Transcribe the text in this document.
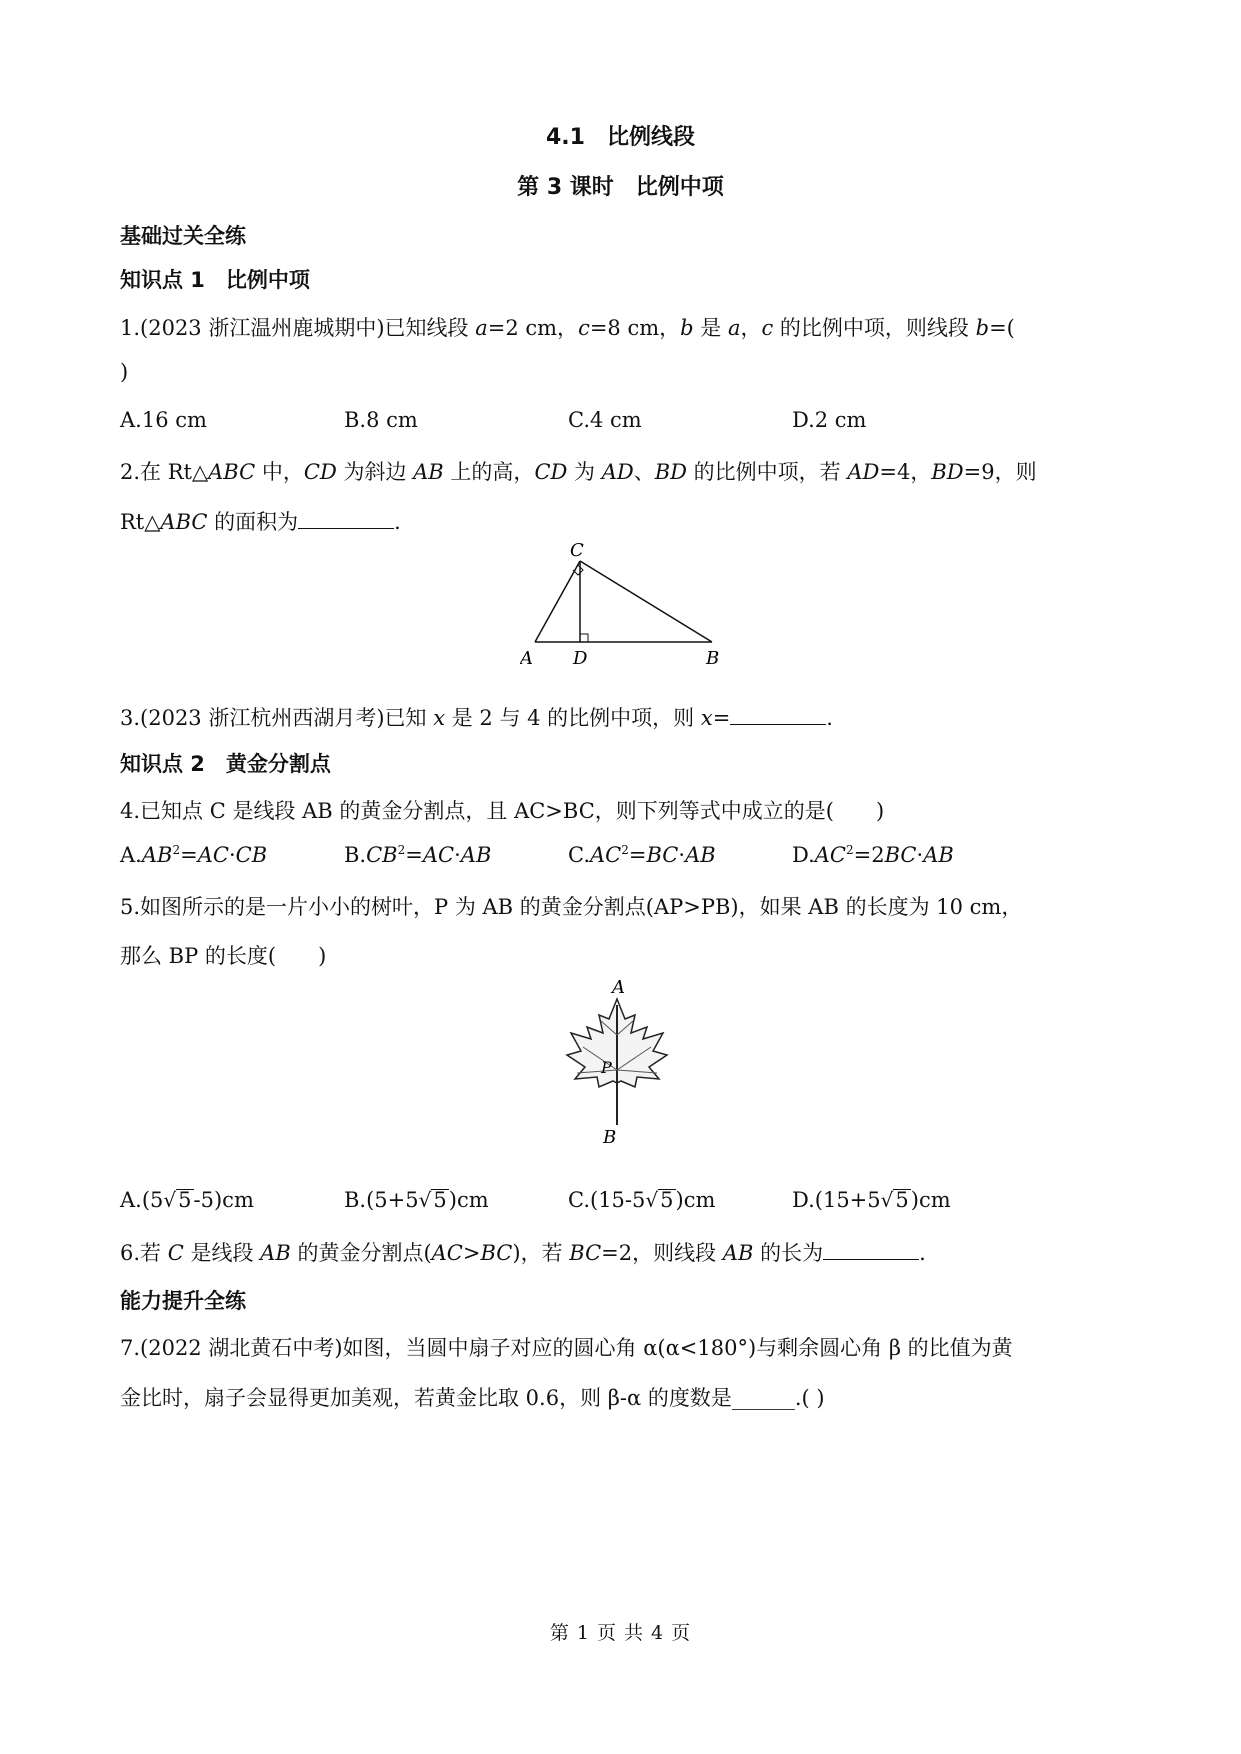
4.1　比例线段
第 3 课时　比例中项
基础过关全练
知识点 1　比例中项
1.(2023 浙江温州鹿城期中)已知线段 a=2 cm，c=8 cm，b 是 a，c 的比例中项，则线段 b=(
)
A.16 cm	B.8 cm	C.4 cm	D.2 cm
2.在 Rt△ABC 中，CD 为斜边 AB 上的高，CD 为 AD、BD 的比例中项，若 AD=4，BD=9，则
Rt△ABC 的面积为	.
C
A D	B
3.(2023 浙江杭州西湖月考)已知 x 是 2 与 4 的比例中项，则 x=	.
知识点 2　黄金分割点
4.已知点 C 是线段 AB 的黄金分割点，且 AC>BC，则下列等式中成立的是(　　)
$A.AB^2=AC\cdot CB$	$B.CB^2=AC\cdot AB$	$C.AC^2=BC\cdot AB$	$D.AC^2=2BC\cdot AB$
5.如图所示的是一片小小的树叶，P 为 AB 的黄金分割点(AP>PB)，如果 AB 的长度为 10 cm，
那么 BP 的长度(　　)
A
P
B
A.(5√5-5)cm	B.(5+5√5)cm	C.(15-5√5)cm	D.(15+5√5)cm
6.若 C 是线段 AB 的黄金分割点(AC>BC)，若 BC=2，则线段 AB 的长为	.
能力提升全练
7.(2022 湖北黄石中考)如图，当圆中扇子对应的圆心角 α(α<180°)与剩余圆心角 β 的比值为黄
金比时，扇子会显得更加美观，若黄金比取 0.6，则 β-α 的度数是______.( )
第 1 页 共 4 页
